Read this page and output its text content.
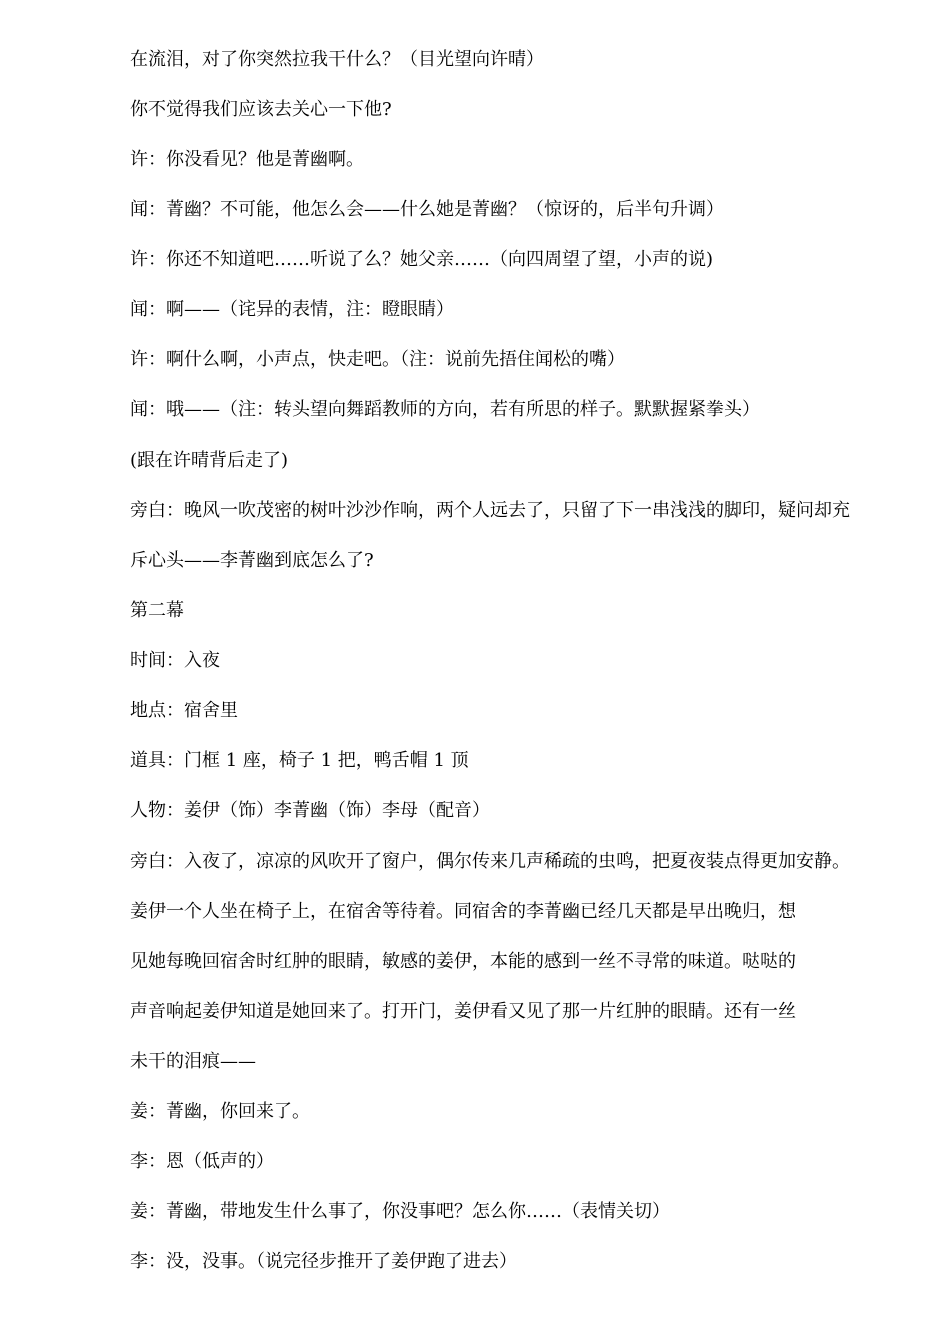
在流泪，对了你突然拉我干什么？（目光望向许晴）
你不觉得我们应该去关心一下他?
许：你没看见？他是菁幽啊。
闻：菁幽？不可能，他怎么会——什么她是菁幽？（惊讶的，后半句升调）
许：你还不知道吧……听说了么？她父亲……（向四周望了望，小声的说)
闻：啊——（诧异的表情，注：瞪眼睛）
许：啊什么啊，小声点，快走吧。（注：说前先捂住闻松的嘴）
闻：哦——（注：转头望向舞蹈教师的方向，若有所思的样子。默默握紧拳头）
(跟在许晴背后走了)
旁白：晚风一吹茂密的树叶沙沙作响，两个人远去了，只留了下一串浅浅的脚印，疑问却充
斥心头——李菁幽到底怎么了?
第二幕
时间：入夜
地点：宿舍里
道具：门框 1 座，椅子 1 把，鸭舌帽 1 顶
人物：姜伊（饰）李菁幽（饰）李母（配音）
旁白：入夜了，凉凉的风吹开了窗户，偶尔传来几声稀疏的虫鸣，把夏夜装点得更加安静。
姜伊一个人坐在椅子上，在宿舍等待着。同宿舍的李菁幽已经几天都是早出晚归，想
见她每晚回宿舍时红肿的眼睛，敏感的姜伊，本能的感到一丝不寻常的味道。哒哒的
声音响起姜伊知道是她回来了。打开门，姜伊看又见了那一片红肿的眼睛。还有一丝
未干的泪痕——
姜：菁幽，你回来了。
李：恩（低声的）
姜：菁幽，带地发生什么事了，你没事吧？怎么你……（表情关切）
李：没，没事。（说完径步推开了姜伊跑了进去）
